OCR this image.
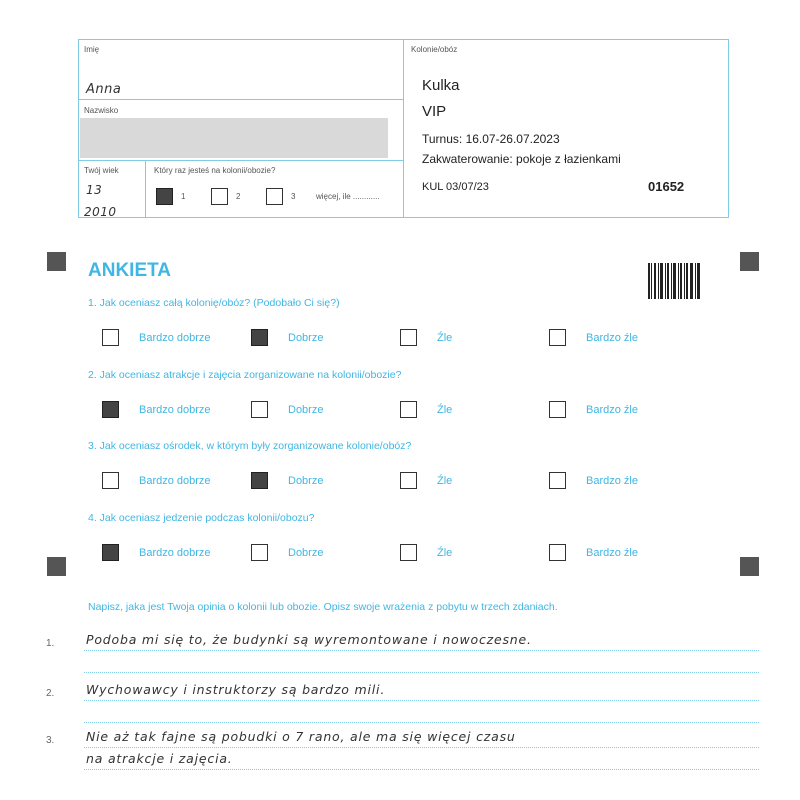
Imię
Anna
Nazwisko
Twój wiek
13
2010
Który raz jesteś na kolonii/obozie?
1	2	3	więcej, ile ............
Kolonie/obóz
Kulka
VIP
Turnus: 16.07-26.07.2023
Zakwaterowanie: pokoje z łazienkami
KUL 03/07/23	01652
ANKIETA
1. Jak oceniasz całą kolonię/obóz? (Podobało Ci się?)
Bardzo dobrze	Dobrze	Źle	Bardzo źle
2. Jak oceniasz atrakcje i zajęcia zorganizowane na kolonii/obozie?
Bardzo dobrze	Dobrze	Źle	Bardzo źle
3. Jak oceniasz ośrodek, w którym były zorganizowane kolonie/obóz?
Bardzo dobrze	Dobrze	Źle	Bardzo źle
4. Jak oceniasz jedzenie podczas kolonii/obozu?
Bardzo dobrze	Dobrze	Źle	Bardzo źle
Napisz, jaka jest Twoja opinia o kolonii lub obozie. Opisz swoje wrażenia z pobytu w trzech zdaniach.
1.	Podoba mi się to, że budynki są wyremontowane i nowoczesne.
2.	Wychowawcy i instruktorzy są bardzo mili.
3.	Nie aż tak fajne są pobudki o 7 rano, ale ma się więcej czasu
na atrakcje i zajęcia.
